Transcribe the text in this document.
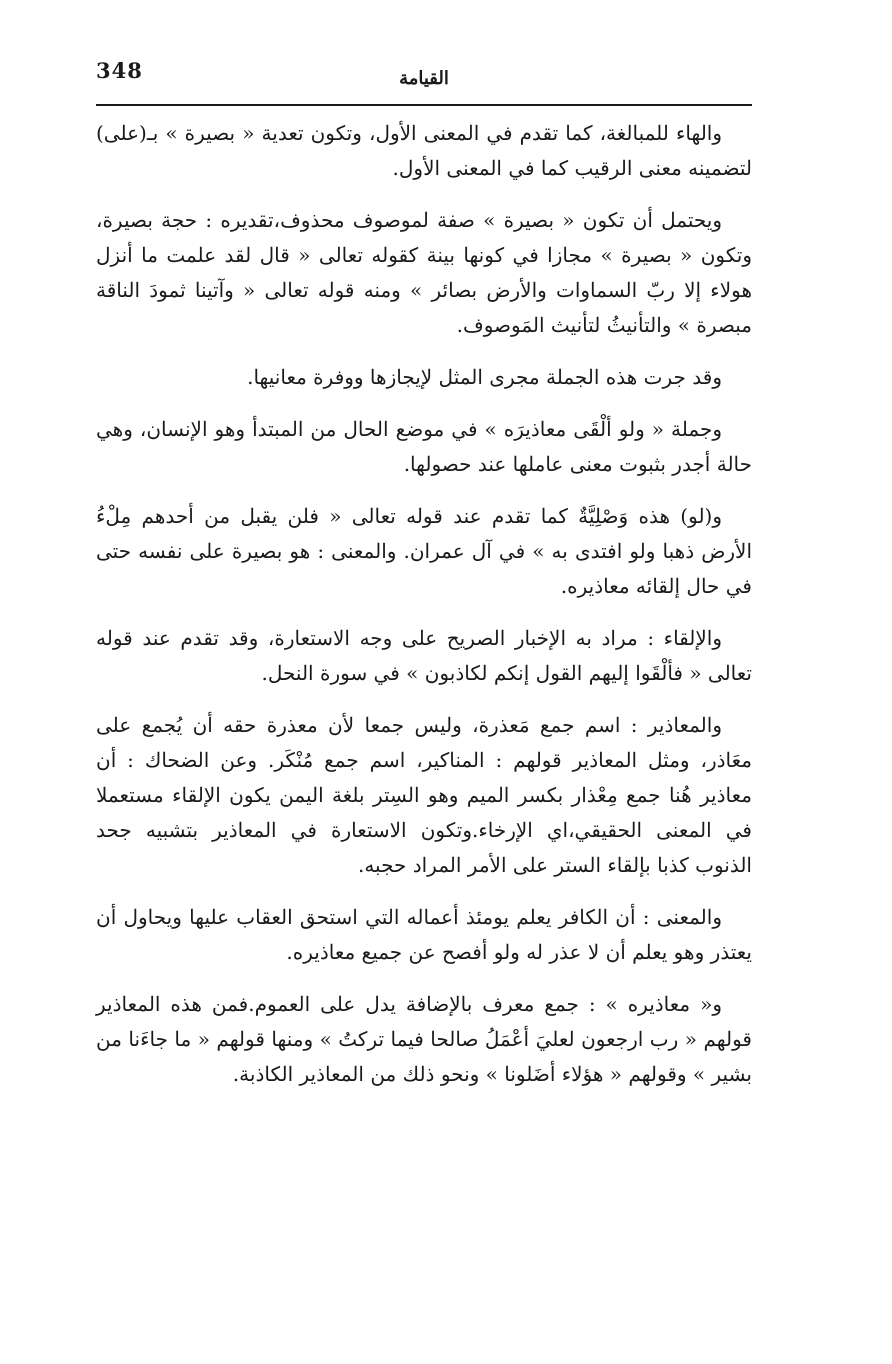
348	القيامة

والهاء للمبالغة، كما تقدم في المعنى الأول، وتكون تعدية « بصيرة » بـ(على) لتضمينه معنى الرقيب كما في المعنى الأول.

ويحتمل أن تكون « بصيرة » صفة لموصوف محذوف،تقديره : حجة بصيرة، وتكون « بصيرة » مجازا في كونها بينة كقوله تعالى « قال لقد علمت ما أنزل هولاء إلا ربّ السماوات والأرض بصائر » ومنه قوله تعالى « وآتينا ثمودَ الناقة مبصرة » والتأنيثُ لتأنيث المَوصوف.

وقد جرت هذه الجملة مجرى المثل لإيجازها ووفرة معانيها.

وجملة « ولو ألْقَى معاذيرَه » في موضع الحال من المبتدأ وهو الإنسان، وهي حالة أجدر بثبوت معنى عاملها عند حصولها.

و(لو) هذه وَصْلِيَّةٌ كما تقدم عند قوله تعالى « فلن يقبل من أحدهم مِلْءُ الأرض ذهبا ولو افتدى به » في آل عمران. والمعنى : هو بصيرة على نفسه حتى في حال إلقائه معاذيره.

والإلقاء : مراد به الإخبار الصريح على وجه الاستعارة، وقد تقدم عند قوله تعالى « فألْقَوا إليهم القول إنكم لكاذبون » في سورة النحل.

والمعاذير : اسم جمع مَعذرة، وليس جمعا لأن معذرة حقه أن يُجمع على معَاذر، ومثل المعاذير قولهم : المناكير، اسم جمع مُنْكَر. وعن الضحاك : أن معاذير هُنا جمع مِعْذار بكسر الميم وهو السِتر بلغة اليمن يكون الإلقاء مستعملا في المعنى الحقيقي،اي الإرخاء.وتكون الاستعارة في المعاذير بتشبيه جحد الذنوب كذبا بإلقاء الستر على الأمر المراد حجبه.

والمعنى : أن الكافر يعلم يومئذ أعماله التي استحق العقاب عليها ويحاول أن يعتذر وهو يعلم أن لا عذر له ولو أفصح عن جميع معاذيره.

و« معاذيره » : جمع معرف بالإضافة يدل على العموم.فمن هذه المعاذير قولهم « رب ارجعون لعليَ أعْمَلُ صالحا فيما تركتُ » ومنها قولهم « ما جاءَنا من بشير » وقولهم « هؤلاء أضَلونا » ونحو ذلك من المعاذير الكاذبة.
